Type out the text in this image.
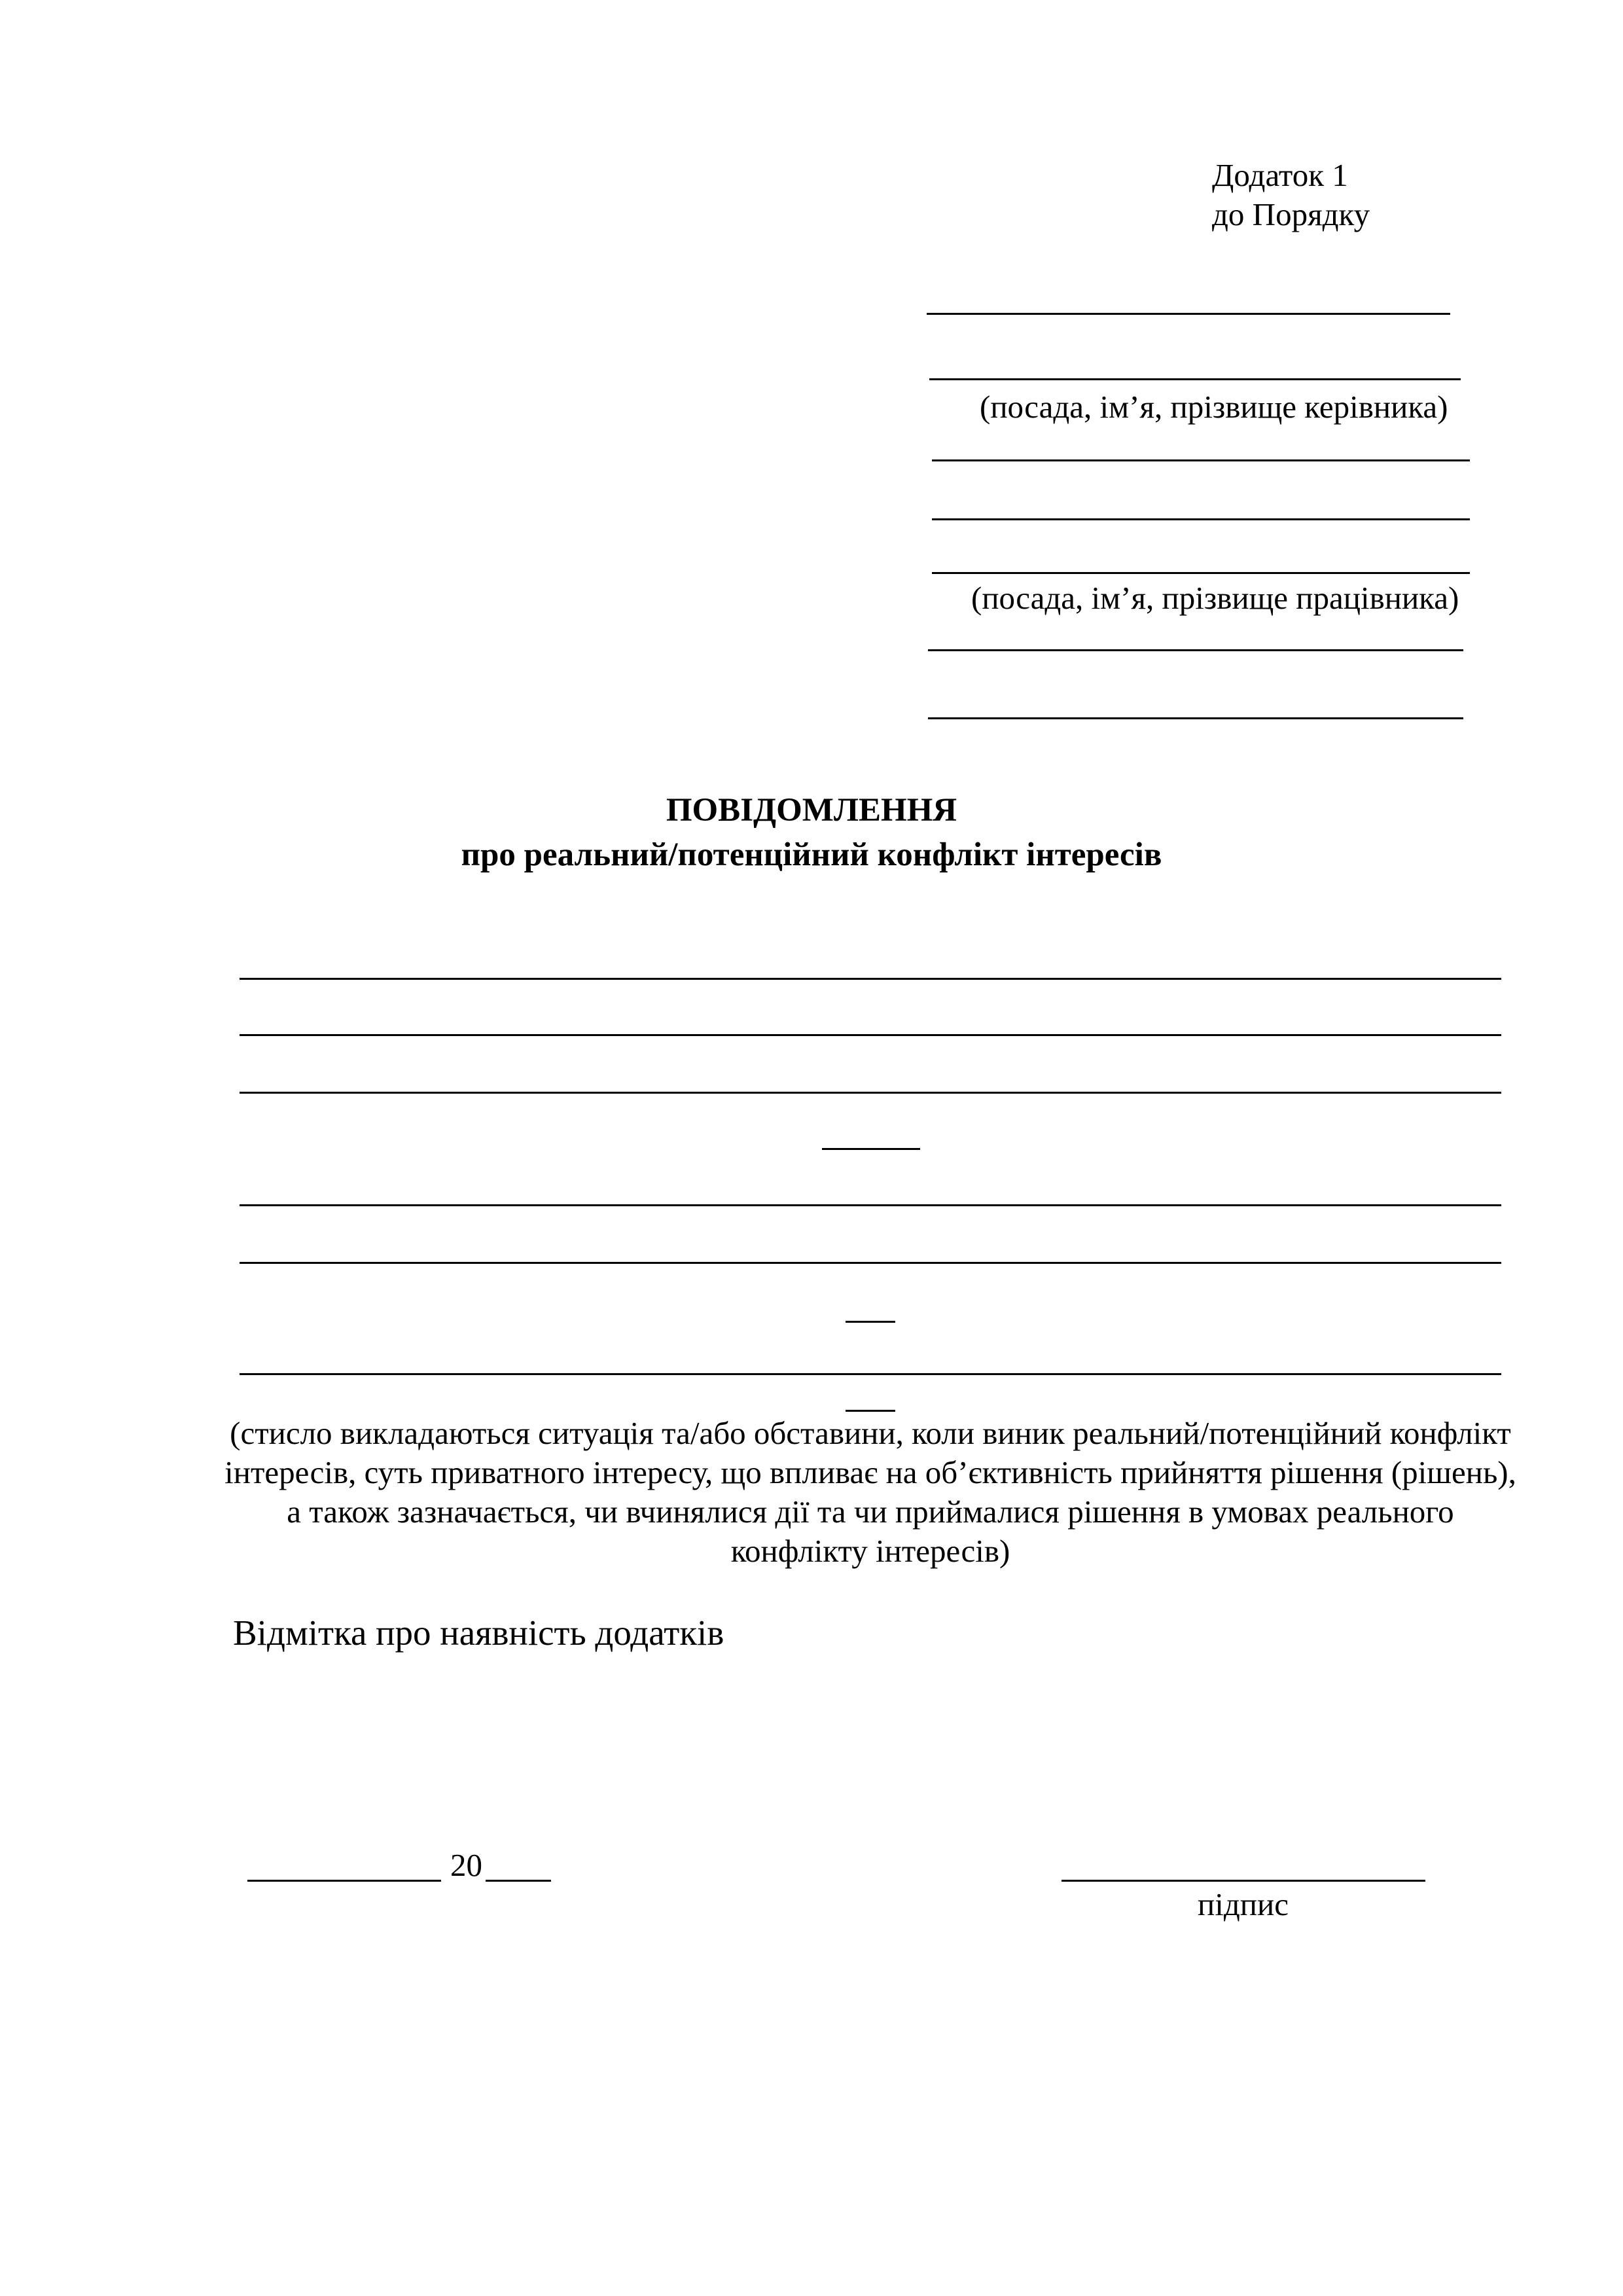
Додаток 1
до Порядку
(посада, ім’я, прізвище керівника)
(посада, ім’я, прізвище працівника)
ПОВІДОМЛЕННЯ
про реальний/потенційний конфлікт інтересів
(стисло викладаються ситуація та/або обставини, коли виник реальний/потенційний конфлікт інтересів, суть приватного інтересу, що впливає на об’єктивність прийняття рішення (рішень), а також зазначається, чи вчинялися дії та чи приймалися рішення в умовах реального конфлікту інтересів)
Відмітка про наявність додатків
20
підпис
